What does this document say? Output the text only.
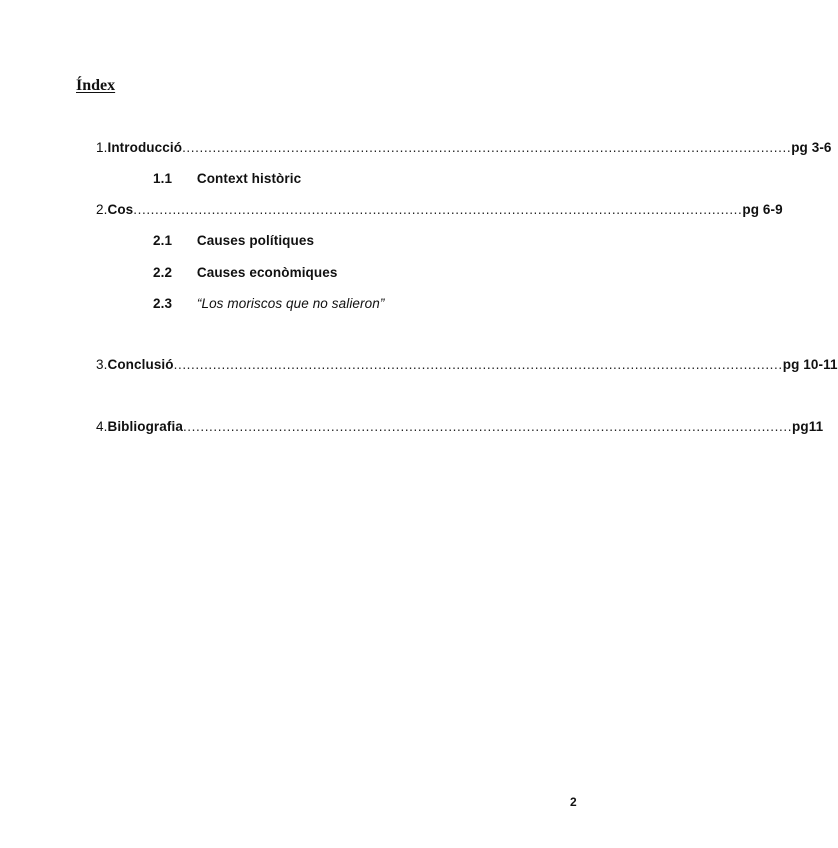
Índex
1. Introducció ............................................................................................................................................ pg 3-6
1.1 Context històric
2. Cos ............................................................................................................................................ pg 6-9
2.1 Causes polítiques
2.2 Causes econòmiques
2.3 “Los moriscos que no salieron”
3. Conclusió ............................................................................................................................................ pg 10-11
4. Bibliografia ............................................................................................................................................ pg11
2
